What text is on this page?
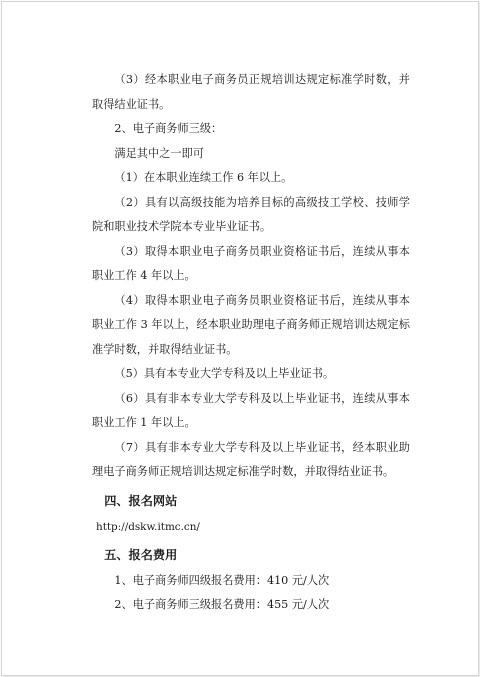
（3）经本职业电子商务员正规培训达规定标准学时数，并取得结业证书。

2、电子商务师三级：

满足其中之一即可

（1）在本职业连续工作 6 年以上。

（2）具有以高级技能为培养目标的高级技工学校、技师学院和职业技术学院本专业毕业证书。

（3）取得本职业电子商务员职业资格证书后，连续从事本职业工作 4 年以上。

（4）取得本职业电子商务员职业资格证书后，连续从事本职业工作 3 年以上，经本职业助理电子商务师正规培训达规定标准学时数，并取得结业证书。

（5）具有本专业大学专科及以上毕业证书。

（6）具有非本专业大学专科及以上毕业证书，连续从事本职业工作 1 年以上。

（7）具有非本专业大学专科及以上毕业证书，经本职业助理电子商务师正规培训达规定标准学时数，并取得结业证书。

四、报名网站

http://dskw.itmc.cn/

五、报名费用

1、电子商务师四级报名费用：410 元/人次

2、电子商务师三级报名费用：455 元/人次
